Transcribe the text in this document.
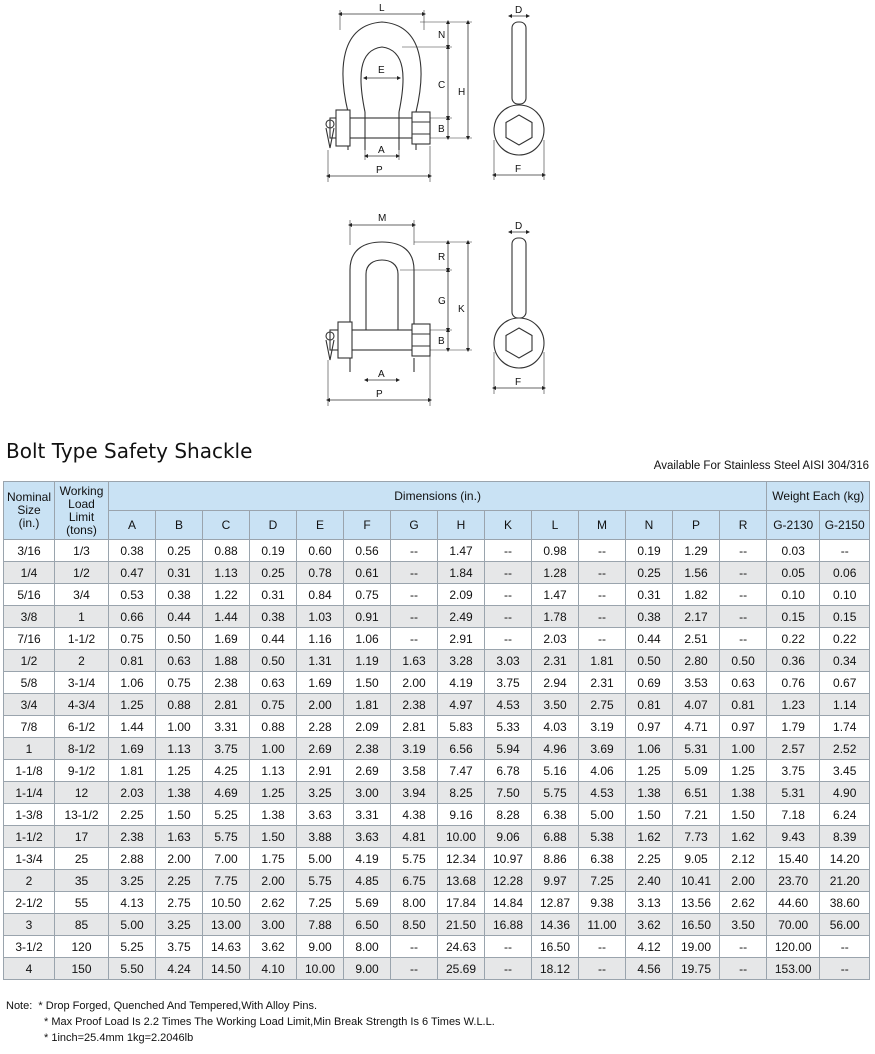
L
N
C
H
E
B
A
P
D
F
M
R
G
K
B
A
P
D
F
Bolt Type Safety Shackle
Available For Stainless Steel AISI 304/316
Nominal
Size
(in.)	Working
Load
Limit
(tons)	Dimensions (in.)														Weight Each (kg)	
		A	B	C	D	E	F	G	H	K	L	M	N	P	R	G-2130	G-2150
3/16	1/3	0.38	0.25	0.88	0.19	0.60	0.56	--	1.47	--	0.98	--	0.19	1.29	--	0.03	--
1/4	1/2	0.47	0.31	1.13	0.25	0.78	0.61	--	1.84	--	1.28	--	0.25	1.56	--	0.05	0.06
5/16	3/4	0.53	0.38	1.22	0.31	0.84	0.75	--	2.09	--	1.47	--	0.31	1.82	--	0.10	0.10
3/8	1	0.66	0.44	1.44	0.38	1.03	0.91	--	2.49	--	1.78	--	0.38	2.17	--	0.15	0.15
7/16	1-1/2	0.75	0.50	1.69	0.44	1.16	1.06	--	2.91	--	2.03	--	0.44	2.51	--	0.22	0.22
1/2	2	0.81	0.63	1.88	0.50	1.31	1.19	1.63	3.28	3.03	2.31	1.81	0.50	2.80	0.50	0.36	0.34
5/8	3-1/4	1.06	0.75	2.38	0.63	1.69	1.50	2.00	4.19	3.75	2.94	2.31	0.69	3.53	0.63	0.76	0.67
3/4	4-3/4	1.25	0.88	2.81	0.75	2.00	1.81	2.38	4.97	4.53	3.50	2.75	0.81	4.07	0.81	1.23	1.14
7/8	6-1/2	1.44	1.00	3.31	0.88	2.28	2.09	2.81	5.83	5.33	4.03	3.19	0.97	4.71	0.97	1.79	1.74
1	8-1/2	1.69	1.13	3.75	1.00	2.69	2.38	3.19	6.56	5.94	4.96	3.69	1.06	5.31	1.00	2.57	2.52
1-1/8	9-1/2	1.81	1.25	4.25	1.13	2.91	2.69	3.58	7.47	6.78	5.16	4.06	1.25	5.09	1.25	3.75	3.45
1-1/4	12	2.03	1.38	4.69	1.25	3.25	3.00	3.94	8.25	7.50	5.75	4.53	1.38	6.51	1.38	5.31	4.90
1-3/8	13-1/2	2.25	1.50	5.25	1.38	3.63	3.31	4.38	9.16	8.28	6.38	5.00	1.50	7.21	1.50	7.18	6.24
1-1/2	17	2.38	1.63	5.75	1.50	3.88	3.63	4.81	10.00	9.06	6.88	5.38	1.62	7.73	1.62	9.43	8.39
1-3/4	25	2.88	2.00	7.00	1.75	5.00	4.19	5.75	12.34	10.97	8.86	6.38	2.25	9.05	2.12	15.40	14.20
2	35	3.25	2.25	7.75	2.00	5.75	4.85	6.75	13.68	12.28	9.97	7.25	2.40	10.41	2.00	23.70	21.20
2-1/2	55	4.13	2.75	10.50	2.62	7.25	5.69	8.00	17.84	14.84	12.87	9.38	3.13	13.56	2.62	44.60	38.60
3	85	5.00	3.25	13.00	3.00	7.88	6.50	8.50	21.50	16.88	14.36	11.00	3.62	16.50	3.50	70.00	56.00
3-1/2	120	5.25	3.75	14.63	3.62	9.00	8.00	--	24.63	--	16.50	--	4.12	19.00	--	120.00	--
4	150	5.50	4.24	14.50	4.10	10.00	9.00	--	25.69	--	18.12	--	4.56	19.75	--	153.00	--
Note: * Drop Forged, Quenched And Tempered,With Alloy Pins.
* Max Proof Load Is 2.2 Times The Working Load Limit,Min Break Strength Is 6 Times W.L.L.
* 1inch=25.4mm 1kg=2.2046lb
